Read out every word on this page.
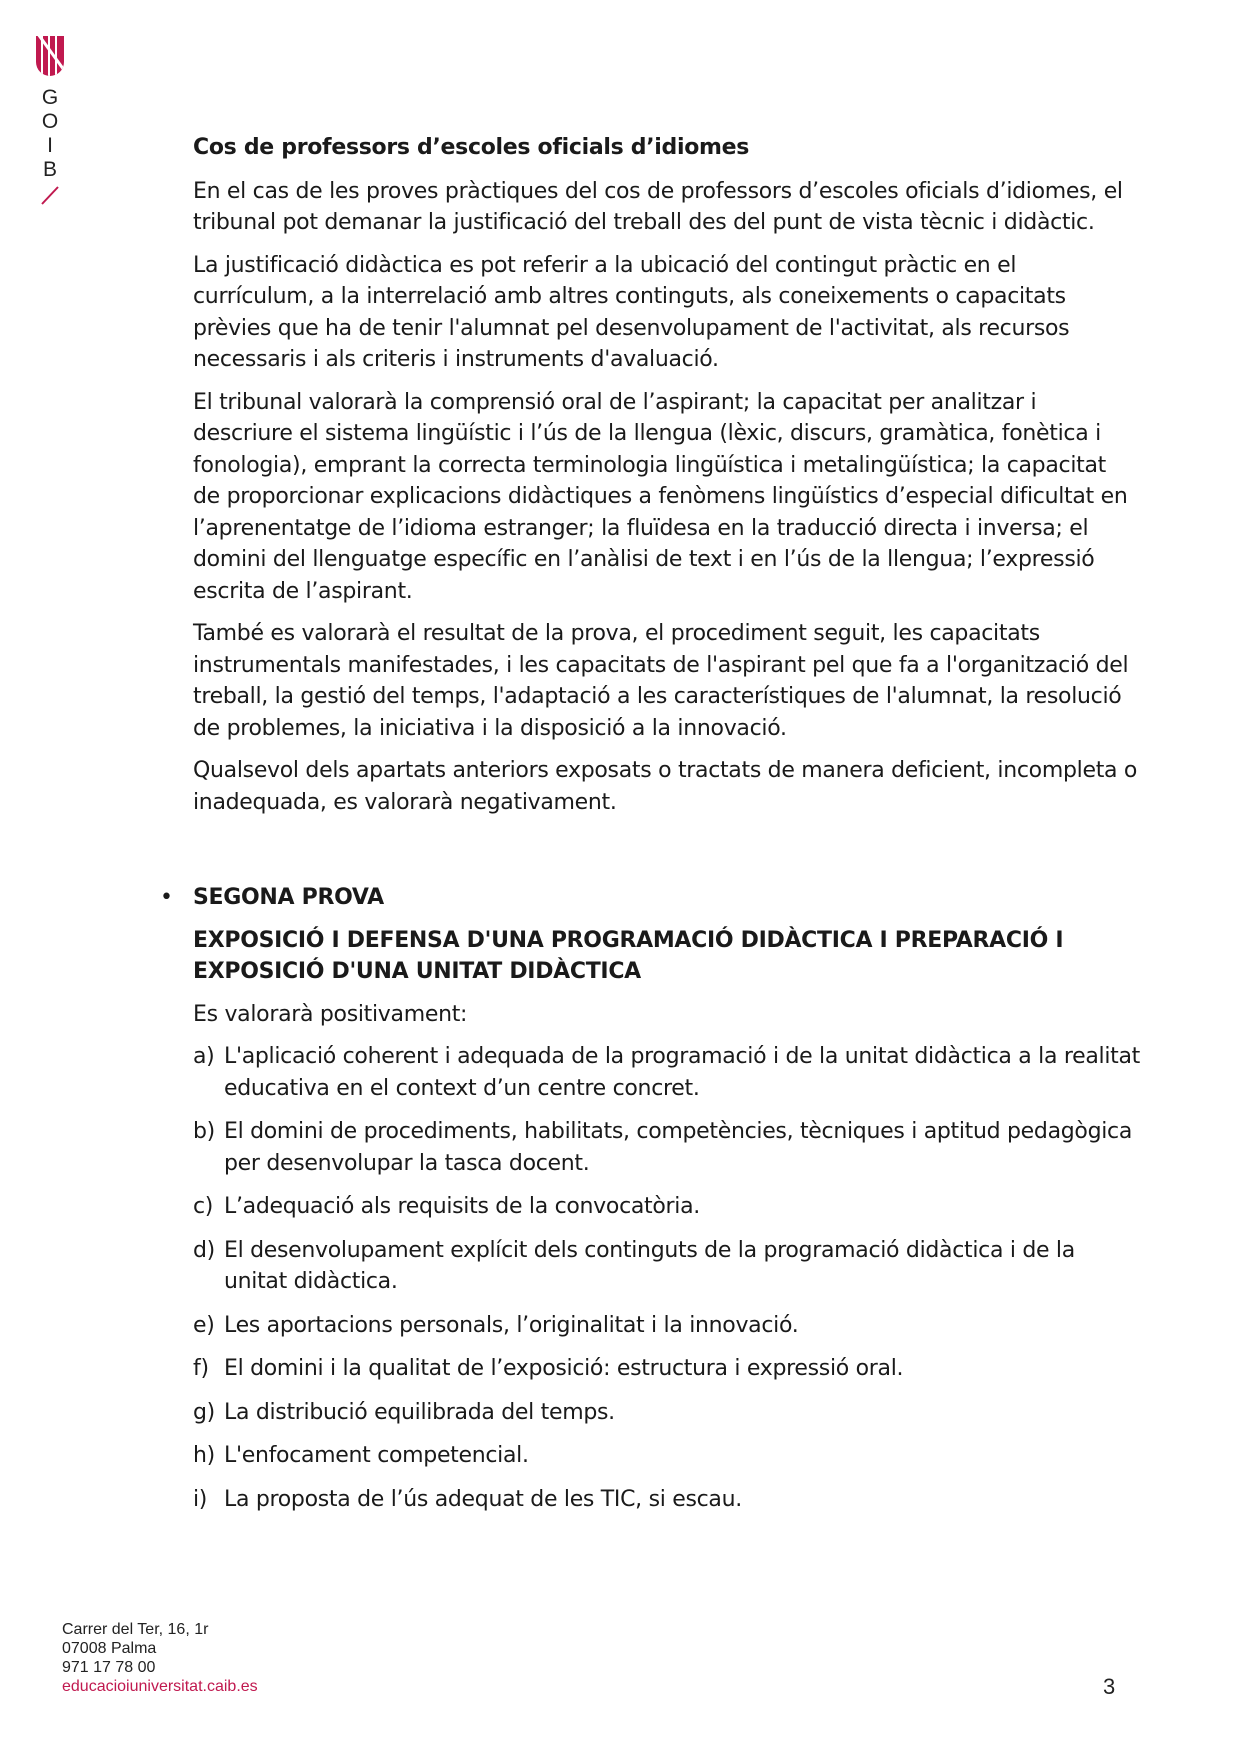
G
O
I
B

Cos de professors d’escoles oficials d’idiomes

En el cas de les proves pràctiques del cos de professors d’escoles oficials d’idiomes, el tribunal pot demanar la justificació del treball des del punt de vista tècnic i didàctic.

La justificació didàctica es pot referir a la ubicació del contingut pràctic en el currículum, a la interrelació amb altres continguts, als coneixements o capacitats prèvies que ha de tenir l'alumnat pel desenvolupament de l'activitat, als recursos necessaris i als criteris i instruments d'avaluació.

El tribunal valorarà la comprensió oral de l’aspirant; la capacitat per analitzar i descriure el sistema lingüístic i l’ús de la llengua (lèxic, discurs, gramàtica, fonètica i fonologia), emprant la correcta terminologia lingüística i metalingüística; la capacitat de proporcionar explicacions didàctiques a fenòmens lingüístics d’especial dificultat en l’aprenentatge de l’idioma estranger; la fluïdesa en la traducció directa i inversa; el domini del llenguatge específic en l’anàlisi de text i en l’ús de la llengua; l’expressió escrita de l’aspirant.

També es valorarà el resultat de la prova, el procediment seguit, les capacitats instrumentals manifestades, i les capacitats de l'aspirant pel que fa a l'organització del treball, la gestió del temps, l'adaptació a les característiques de l'alumnat, la resolució de problemes, la iniciativa i la disposició a la innovació.

Qualsevol dels apartats anteriors exposats o tractats de manera deficient, incompleta o inadequada, es valorarà negativament.

• SEGONA PROVA

EXPOSICIÓ I DEFENSA D'UNA PROGRAMACIÓ DIDÀCTICA I PREPARACIÓ I EXPOSICIÓ D'UNA UNITAT DIDÀCTICA

Es valorarà positivament:

a) L'aplicació coherent i adequada de la programació i de la unitat didàctica a la realitat educativa en el context d’un centre concret.
b) El domini de procediments, habilitats, competències, tècniques i aptitud pedagògica per desenvolupar la tasca docent.
c) L’adequació als requisits de la convocatòria.
d) El desenvolupament explícit dels continguts de la programació didàctica i de la unitat didàctica.
e) Les aportacions personals, l’originalitat i la innovació.
f) El domini i la qualitat de l’exposició: estructura i expressió oral.
g) La distribució equilibrada del temps.
h) L'enfocament competencial.
i) La proposta de l’ús adequat de les TIC, si escau.
Carrer del Ter, 16, 1r
07008 Palma
971 17 78 00
educacioiuniversitat.caib.es	3
